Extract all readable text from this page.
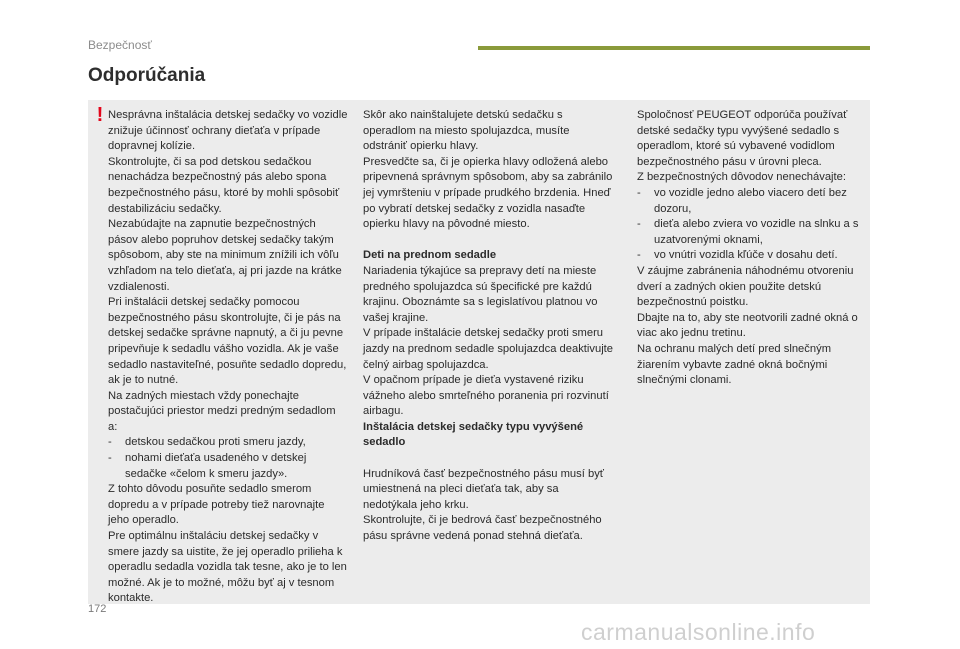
Bezpečnosť
Odporúčania
! Nesprávna inštalácia detskej sedačky vo vozidle znižuje účinnosť ochrany dieťaťa v prípade dopravnej kolízie.

Skontrolujte, či sa pod detskou sedačkou nenachádza bezpečnostný pás alebo spona bezpečnostného pásu, ktoré by mohli spôsobiť destabilizáciu sedačky.

Nezabúdajte na zapnutie bezpečnostných pásov alebo popruhov detskej sedačky takým spôsobom, aby ste na minimum znížili ich vôľu vzhľadom na telo dieťaťa, aj pri jazde na krátke vzdialenosti.

Pri inštalácii detskej sedačky pomocou bezpečnostného pásu skontrolujte, či je pás na detskej sedačke správne napnutý, a či ju pevne pripevňuje k sedadlu vášho vozidla. Ak je vaše sedadlo nastaviteľné, posuňte sedadlo dopredu, ak je to nutné.

Na zadných miestach vždy ponechajte postačujúci priestor medzi predným sedadlom a:

- detskou sedačkou proti smeru jazdy,
- nohami dieťaťa usadeného v detskej sedačke «čelom k smeru jazdy».

Z tohto dôvodu posuňte sedadlo smerom dopredu a v prípade potreby tiež narovnajte jeho operadlo.

Pre optimálnu inštaláciu detskej sedačky v smere jazdy sa uistite, že jej operadlo prilieha k operadlu sedadla vozidla tak tesne, ako je to len možné. Ak je to možné, môžu byť aj v tesnom kontakte.

Skôr ako nainštalujete detskú sedačku s operadlom na miesto spolujazdca, musíte odstrániť opierku hlavy.

Presvedčte sa, či je opierka hlavy odložená alebo pripevnená správnym spôsobom, aby sa zabránilo jej vymršteniu v prípade prudkého brzdenia. Hneď po vybratí detskej sedačky z vozidla nasaďte opierku hlavy na pôvodné miesto.

Deti na prednom sedadle

Nariadenia týkajúce sa prepravy detí na mieste predného spolujazdca sú špecifické pre každú krajinu. Oboznámte sa s legislatívou platnou vo vašej krajine.

V prípade inštalácie detskej sedačky proti smeru jazdy na prednom sedadle spolujazdca deaktivujte čelný airbag spolujazdca.

V opačnom prípade je dieťa vystavené riziku vážneho alebo smrteľného poranenia pri rozvinutí airbagu.

Inštalácia detskej sedačky typu vyvýšené sedadlo

Hrudníková časť bezpečnostného pásu musí byť umiestnená na pleci dieťaťa tak, aby sa nedotýkala jeho krku.

Skontrolujte, či je bedrová časť bezpečnostného pásu správne vedená ponad stehná dieťaťa.

Spoločnosť PEUGEOT odporúča používať detské sedačky typu vyvýšené sedadlo s operadlom, ktoré sú vybavené vodidlom bezpečnostného pásu v úrovni pleca.

Z bezpečnostných dôvodov nenechávajte:

- vo vozidle jedno alebo viacero detí bez dozoru,
- dieťa alebo zviera vo vozidle na slnku a s uzatvorenými oknami,
- vo vnútri vozidla kľúče v dosahu detí.

V záujme zabránenia náhodnému otvoreniu dverí a zadných okien použite detskú bezpečnostnú poistku.

Dbajte na to, aby ste neotvorili zadné okná o viac ako jednu tretinu.

Na ochranu malých detí pred slnečným žiarením vybavte zadné okná bočnými slnečnými clonami.

172
carmanualsonline.info
